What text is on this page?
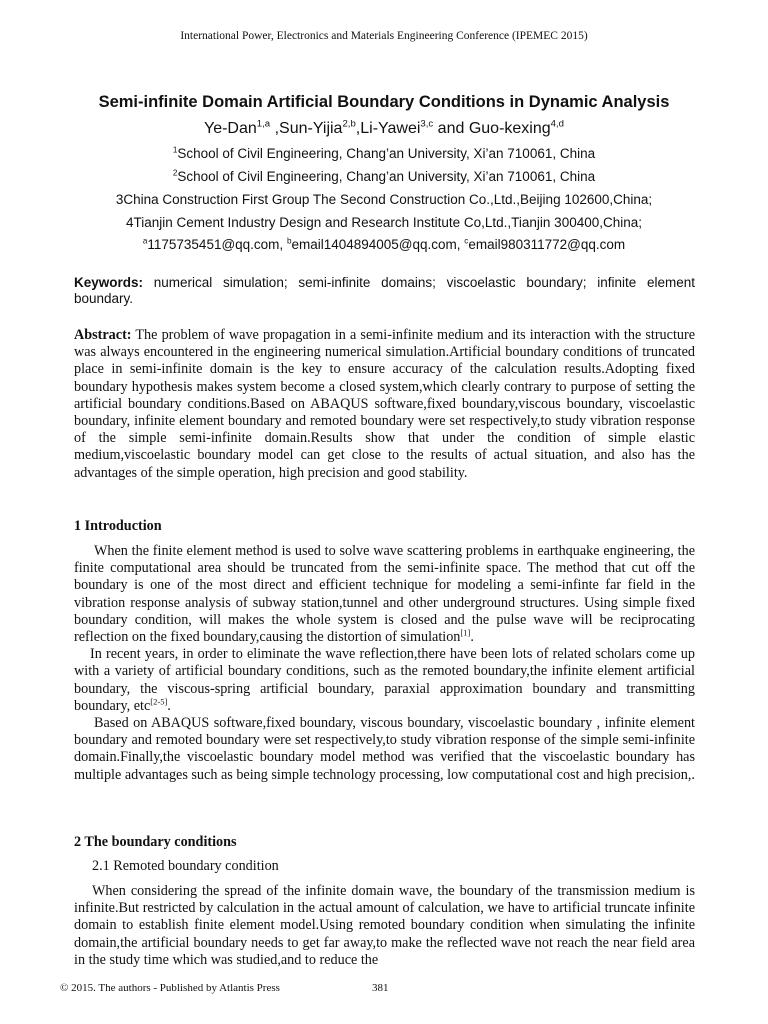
International Power, Electronics and Materials Engineering Conference (IPEMEC 2015)
Semi-infinite Domain Artificial Boundary Conditions in Dynamic Analysis
Ye-Dan$^{1,a}$ ,Sun-Yijia$^{2,b}$,Li-Yawei$^{3,c}$ and Guo-kexing$^{4,d}$
$^1$School of Civil Engineering, Chang’an University, Xi’an 710061, China
$^2$School of Civil Engineering, Chang’an University, Xi’an 710061, China
3China Construction First Group The Second Construction Co.,Ltd.,Beijing 102600,China;
4Tianjin Cement Industry Design and Research Institute Co,Ltd.,Tianjin 300400,China;
$^a$1175735451@qq.com, $^b$email1404894005@qq.com, $^c$email980311772@qq.com
Keywords: numerical simulation; semi-infinite domains; viscoelastic boundary; infinite element boundary.
Abstract: The problem of wave propagation in a semi-infinite medium and its interaction with the structure was always encountered in the engineering numerical simulation.Artificial boundary conditions of truncated place in semi-infinite domain is the key to ensure accuracy of the calculation results.Adopting fixed boundary hypothesis makes system become a closed system,which clearly contrary to purpose of setting the artificial boundary conditions.Based on ABAQUS software,fixed boundary,viscous boundary, viscoelastic boundary, infinite element boundary and remoted boundary were set respectively,to study vibration response of the simple semi-infinite domain.Results show that under the condition of simple elastic medium,viscoelastic boundary model can get close to the results of actual situation, and also has the advantages of the simple operation, high precision and good stability.
1 Introduction

When the finite element method is used to solve wave scattering problems in earthquake engineering, the finite computational area should be truncated from the semi-infinite space. The method that cut off the boundary is one of the most direct and efficient technique for modeling a semi-infinte far field in the vibration response analysis of subway station,tunnel and other underground structures. Using simple fixed boundary condition, will makes the whole system is closed and the pulse wave will be reciprocating reflection on the fixed boundary,causing the distortion of simulation[1].

In recent years, in order to eliminate the wave reflection,there have been lots of related scholars come up with a variety of artificial boundary conditions, such as the remoted boundary,the infinite element artificial boundary, the viscous-spring artificial boundary, paraxial approximation boundary and transmitting boundary, etc[2-5].

Based on ABAQUS software,fixed boundary, viscous boundary, viscoelastic boundary , infinite element boundary and remoted boundary were set respectively,to study vibration response of the simple semi-infinite domain.Finally,the viscoelastic boundary model method was verified that the viscoelastic boundary has multiple advantages such as being simple technology processing, low computational cost and high precision,.

2 The boundary conditions
2.1 Remoted boundary condition

When considering the spread of the infinite domain wave, the boundary of the transmission medium is infinite.But restricted by calculation in the actual amount of calculation, we have to artificial truncate infinite domain to establish finite element model.Using remoted boundary condition when simulating the infinite domain,the artificial boundary needs to get far away,to make the reflected wave not reach the near field area in the study time which was studied,and to reduce the

© 2015. The authors - Published by Atlantis Press	381
